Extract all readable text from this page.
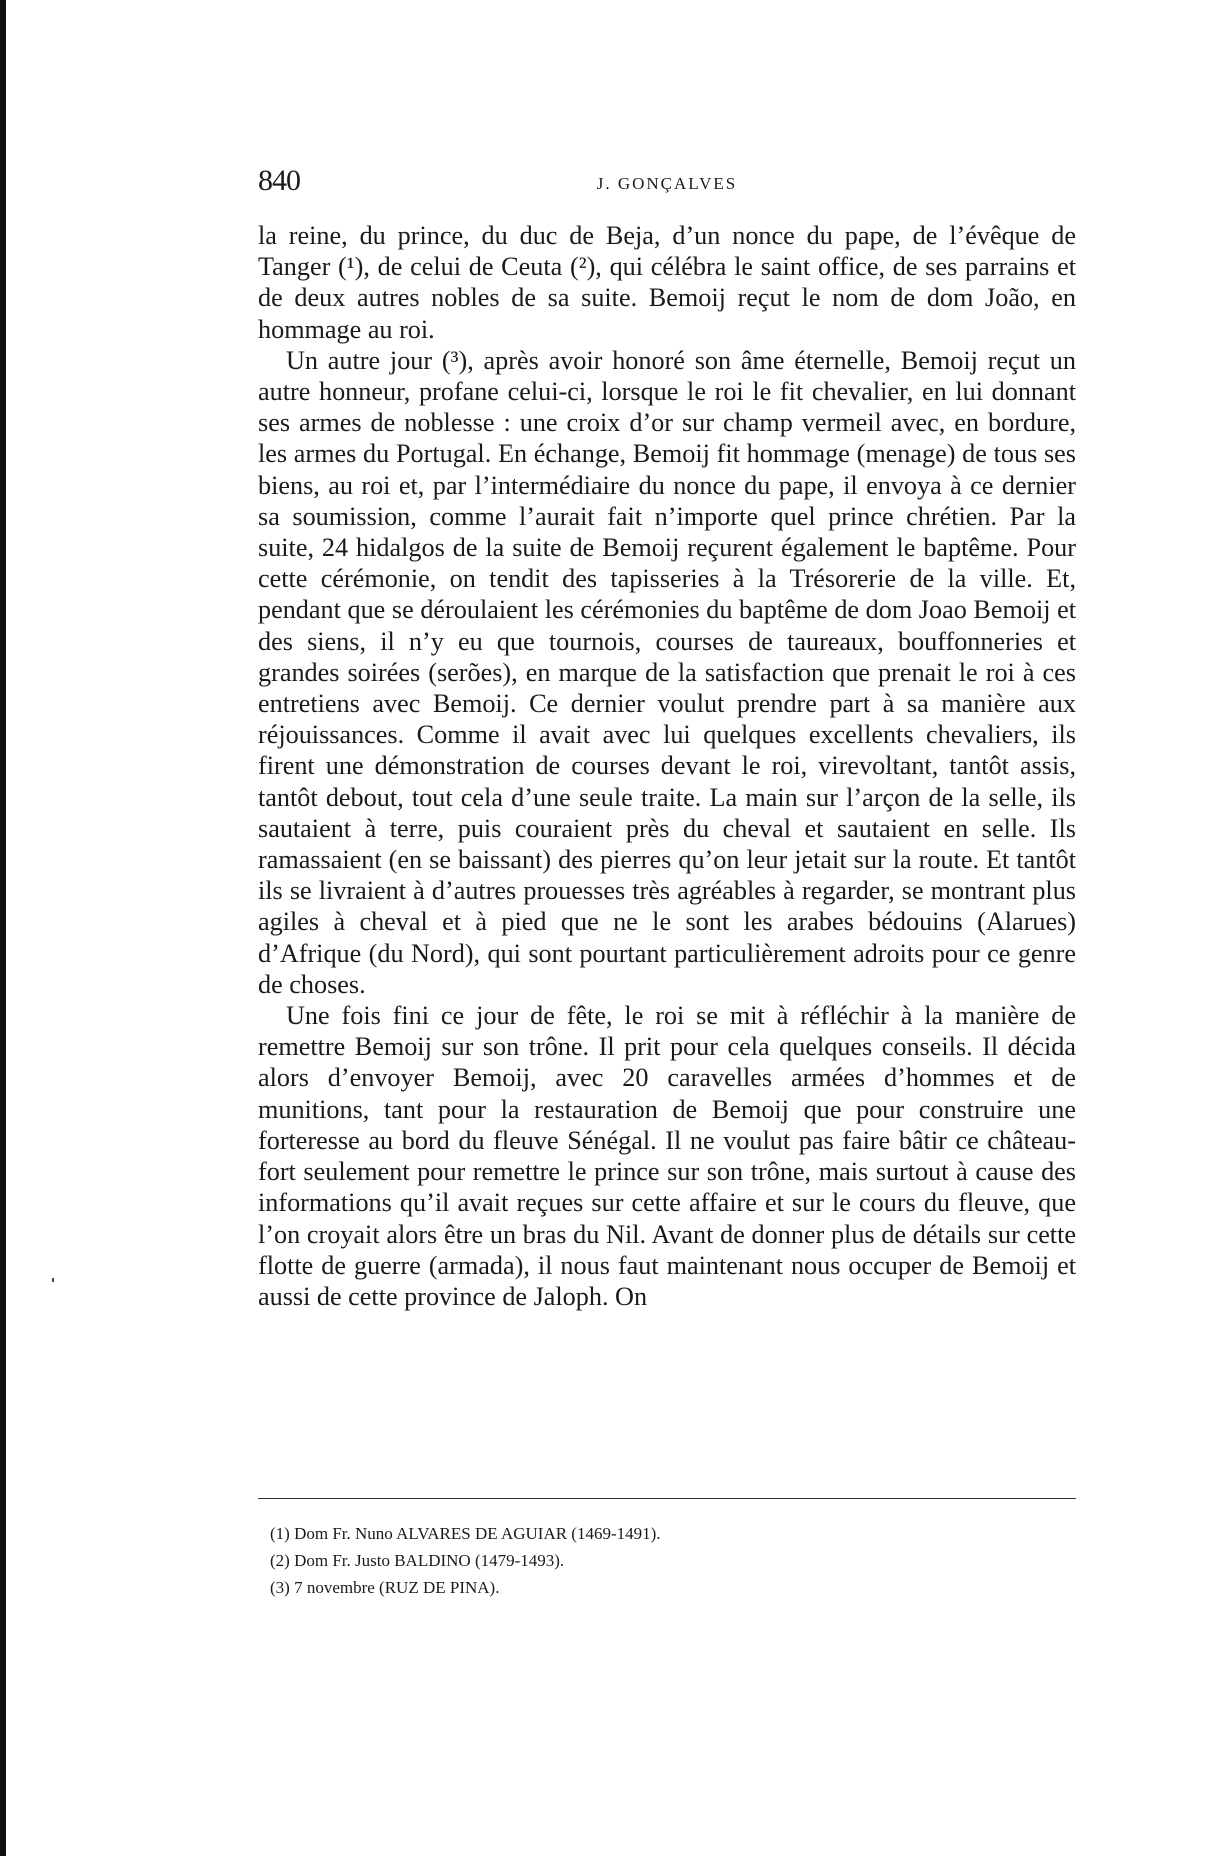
840	J. GONÇALVES

la reine, du prince, du duc de Beja, d’un nonce du pape, de l’évêque de Tanger (¹), de celui de Ceuta (²), qui célébra le saint office, de ses parrains et de deux autres nobles de sa suite. Bemoij reçut le nom de dom João, en hommage au roi.

Un autre jour (³), après avoir honoré son âme éternelle, Bemoij reçut un autre honneur, profane celui-ci, lorsque le roi le fit chevalier, en lui donnant ses armes de noblesse : une croix d’or sur champ vermeil avec, en bordure, les armes du Portugal. En échange, Bemoij fit hommage (menage) de tous ses biens, au roi et, par l’intermédiaire du nonce du pape, il envoya à ce dernier sa soumission, comme l’aurait fait n’importe quel prince chrétien. Par la suite, 24 hidalgos de la suite de Bemoij reçurent également le baptême. Pour cette cérémonie, on tendit des tapisseries à la Trésorerie de la ville. Et, pendant que se déroulaient les cérémonies du baptême de dom Joao Bemoij et des siens, il n’y eu que tournois, courses de taureaux, bouffonneries et grandes soirées (serões), en marque de la satisfaction que prenait le roi à ces entretiens avec Bemoij. Ce dernier voulut prendre part à sa manière aux réjouissances. Comme il avait avec lui quelques excellents chevaliers, ils firent une démonstration de courses devant le roi, virevoltant, tantôt assis, tantôt debout, tout cela d’une seule traite. La main sur l’arçon de la selle, ils sautaient à terre, puis couraient près du cheval et sautaient en selle. Ils ramassaient (en se baissant) des pierres qu’on leur jetait sur la route. Et tantôt ils se livraient à d’autres prouesses très agréables à regarder, se montrant plus agiles à cheval et à pied que ne le sont les arabes bédouins (Alarues) d’Afrique (du Nord), qui sont pourtant particulièrement adroits pour ce genre de choses.

Une fois fini ce jour de fête, le roi se mit à réfléchir à la manière de remettre Bemoij sur son trône. Il prit pour cela quelques conseils. Il décida alors d’envoyer Bemoij, avec 20 caravelles armées d’hommes et de munitions, tant pour la restauration de Bemoij que pour construire une forteresse au bord du fleuve Sénégal. Il ne voulut pas faire bâtir ce château-fort seulement pour remettre le prince sur son trône, mais surtout à cause des informations qu’il avait reçues sur cette affaire et sur le cours du fleuve, que l’on croyait alors être un bras du Nil. Avant de donner plus de détails sur cette flotte de guerre (armada), il nous faut maintenant nous occuper de Bemoij et aussi de cette province de Jaloph. On

(1) Dom Fr. Nuno ALVARES DE AGUIAR (1469-1491).

(2) Dom Fr. Justo BALDINO (1479-1493).

(3) 7 novembre (RUZ DE PINA).
